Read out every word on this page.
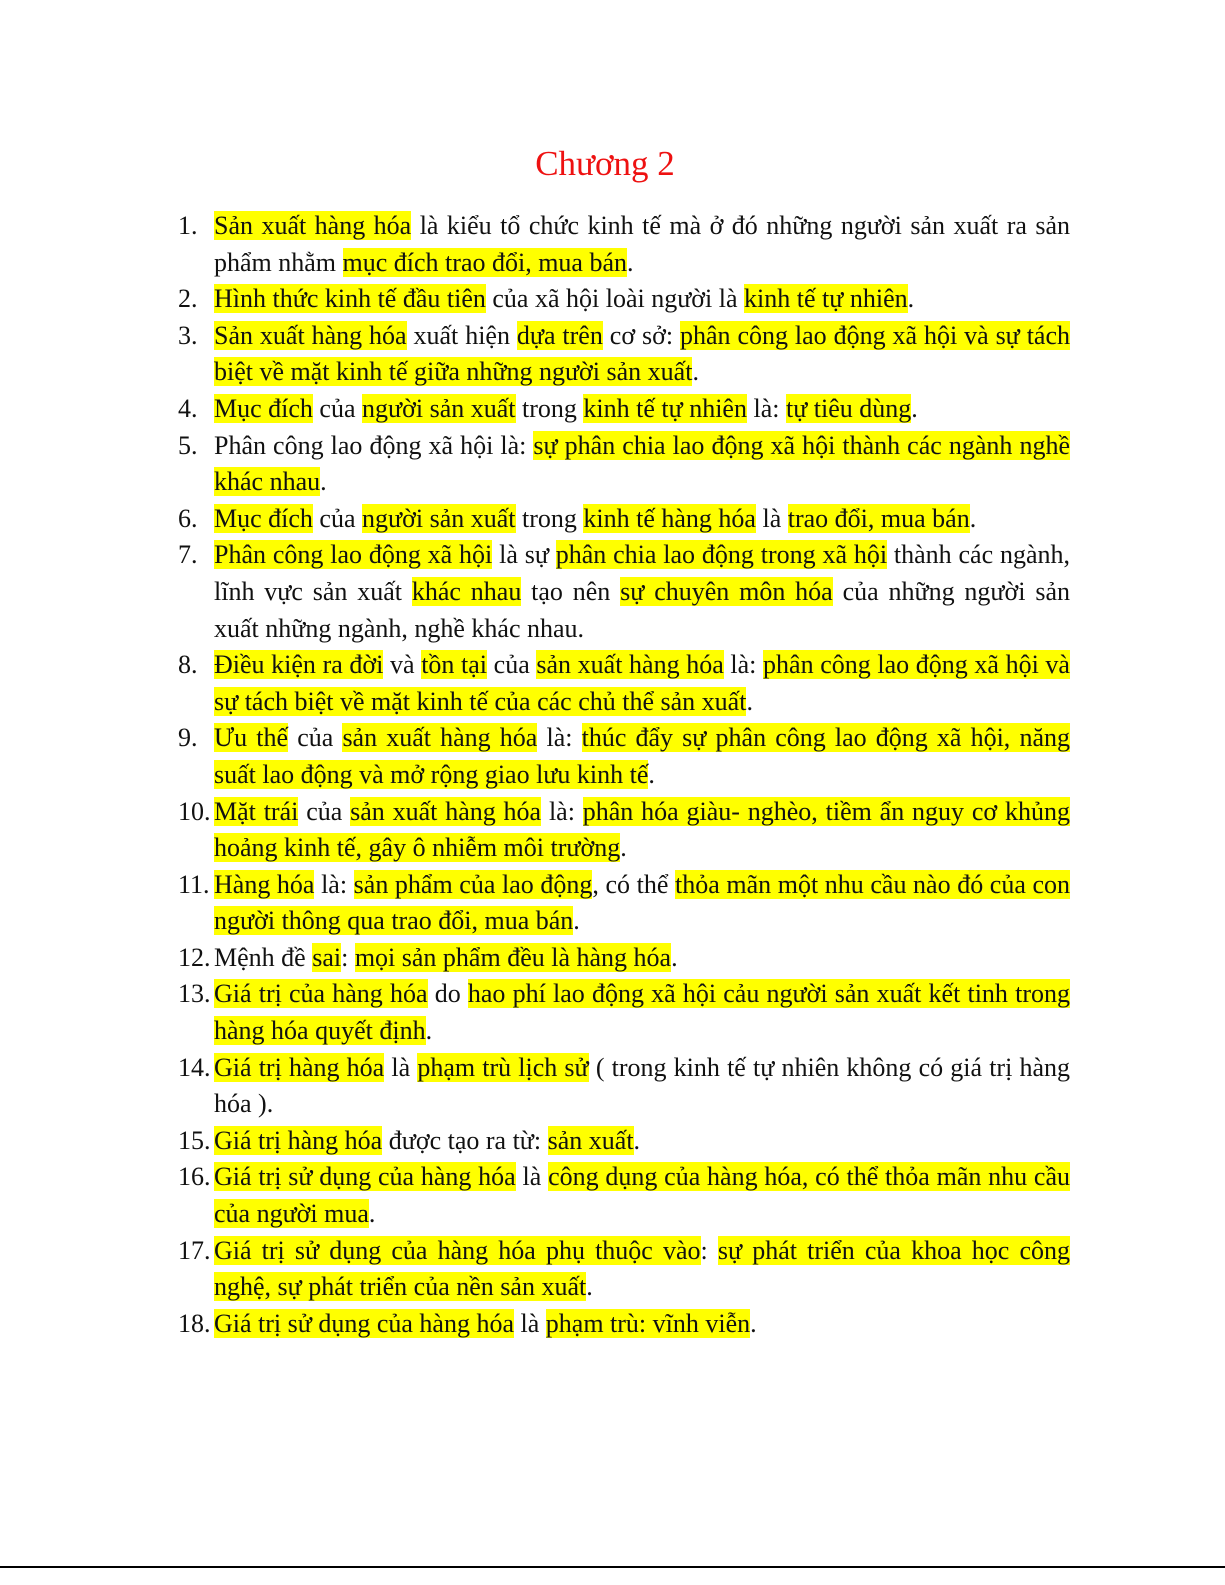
Chương 2
1. Sản xuất hàng hóa là kiểu tổ chức kinh tế mà ở đó những người sản xuất ra sản phẩm nhằm mục đích trao đổi, mua bán.
2. Hình thức kinh tế đầu tiên của xã hội loài người là kinh tế tự nhiên.
3. Sản xuất hàng hóa xuất hiện dựa trên cơ sở: phân công lao động xã hội và sự tách biệt về mặt kinh tế giữa những người sản xuất.
4. Mục đích của người sản xuất trong kinh tế tự nhiên là: tự tiêu dùng.
5. Phân công lao động xã hội là: sự phân chia lao động xã hội thành các ngành nghề khác nhau.
6. Mục đích của người sản xuất trong kinh tế hàng hóa là trao đổi, mua bán.
7. Phân công lao động xã hội là sự phân chia lao động trong xã hội thành các ngành, lĩnh vực sản xuất khác nhau tạo nên sự chuyên môn hóa của những người sản xuất những ngành, nghề khác nhau.
8. Điều kiện ra đời và tồn tại của sản xuất hàng hóa là: phân công lao động xã hội và sự tách biệt về mặt kinh tế của các chủ thể sản xuất.
9. Ưu thế của sản xuất hàng hóa là: thúc đẩy sự phân công lao động xã hội, năng suất lao động và mở rộng giao lưu kinh tế.
10. Mặt trái của sản xuất hàng hóa là: phân hóa giàu- nghèo, tiềm ẩn nguy cơ khủng hoảng kinh tế, gây ô nhiễm môi trường.
11. Hàng hóa là: sản phẩm của lao động, có thể thỏa mãn một nhu cầu nào đó của con người thông qua trao đổi, mua bán.
12. Mệnh đề sai: mọi sản phẩm đều là hàng hóa.
13. Giá trị của hàng hóa do hao phí lao động xã hội cảu người sản xuất kết tinh trong hàng hóa quyết định.
14. Giá trị hàng hóa là phạm trù lịch sử ( trong kinh tế tự nhiên không có giá trị hàng hóa ).
15. Giá trị hàng hóa được tạo ra từ: sản xuất.
16. Giá trị sử dụng của hàng hóa là công dụng của hàng hóa, có thể thỏa mãn nhu cầu của người mua.
17. Giá trị sử dụng của hàng hóa phụ thuộc vào: sự phát triển của khoa học công nghệ, sự phát triển của nền sản xuất.
18. Giá trị sử dụng của hàng hóa là phạm trù: vĩnh viễn.
